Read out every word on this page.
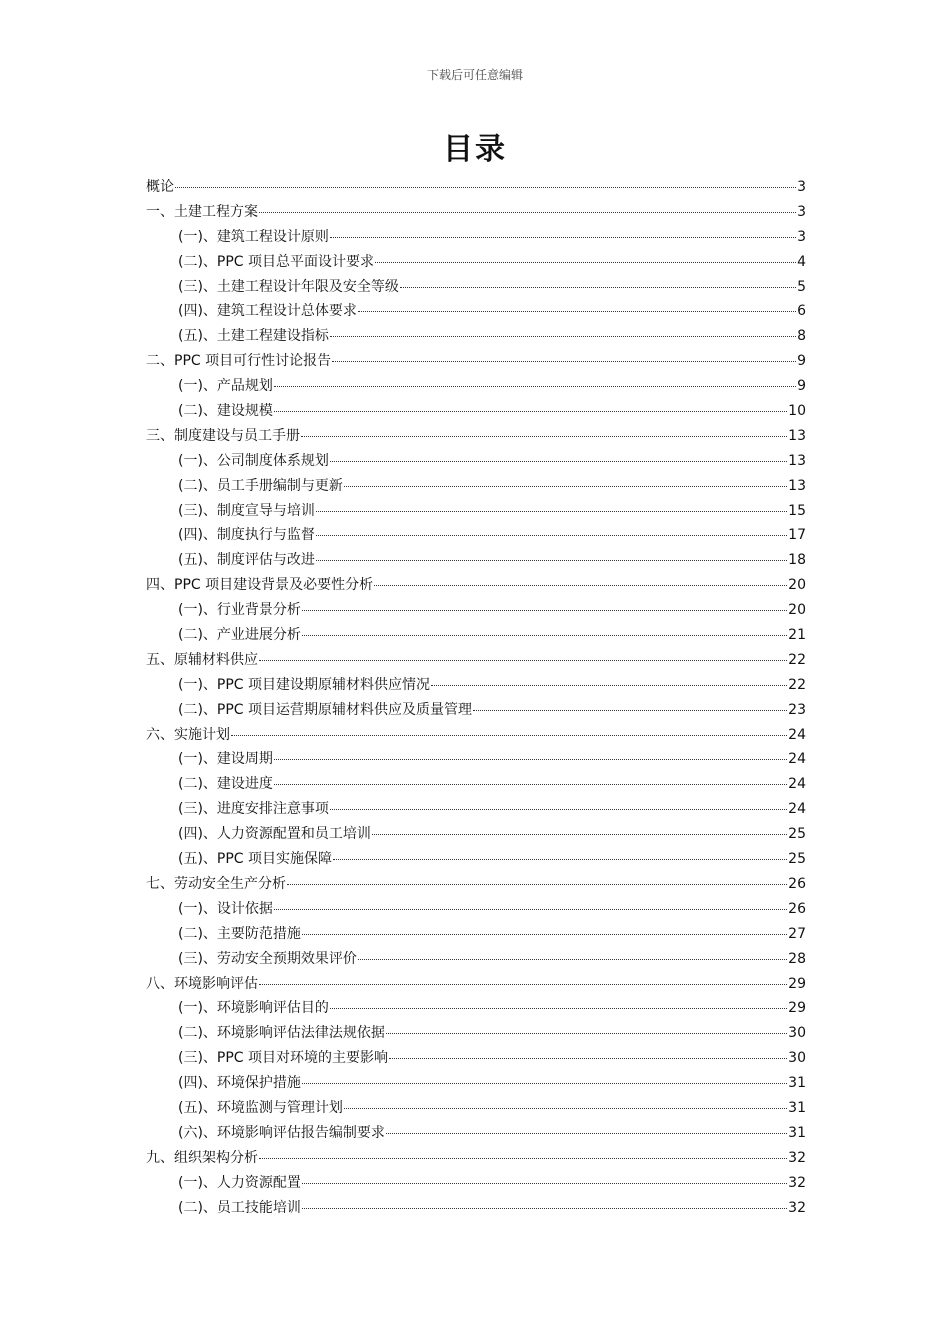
下载后可任意编辑
目录
概论	3
一、土建工程方案	3
(一)、建筑工程设计原则	3
(二)、PPC 项目总平面设计要求	4
(三)、土建工程设计年限及安全等级	5
(四)、建筑工程设计总体要求	6
(五)、土建工程建设指标	8
二、PPC 项目可行性讨论报告	9
(一)、产品规划	9
(二)、建设规模	10
三、制度建设与员工手册	13
(一)、公司制度体系规划	13
(二)、员工手册编制与更新	13
(三)、制度宣导与培训	15
(四)、制度执行与监督	17
(五)、制度评估与改进	18
四、PPC 项目建设背景及必要性分析	20
(一)、行业背景分析	20
(二)、产业进展分析	21
五、原辅材料供应	22
(一)、PPC 项目建设期原辅材料供应情况	22
(二)、PPC 项目运营期原辅材料供应及质量管理	23
六、实施计划	24
(一)、建设周期	24
(二)、建设进度	24
(三)、进度安排注意事项	24
(四)、人力资源配置和员工培训	25
(五)、PPC 项目实施保障	25
七、劳动安全生产分析	26
(一)、设计依据	26
(二)、主要防范措施	27
(三)、劳动安全预期效果评价	28
八、环境影响评估	29
(一)、环境影响评估目的	29
(二)、环境影响评估法律法规依据	30
(三)、PPC 项目对环境的主要影响	30
(四)、环境保护措施	31
(五)、环境监测与管理计划	31
(六)、环境影响评估报告编制要求	31
九、组织架构分析	32
(一)、人力资源配置	32
(二)、员工技能培训	32
